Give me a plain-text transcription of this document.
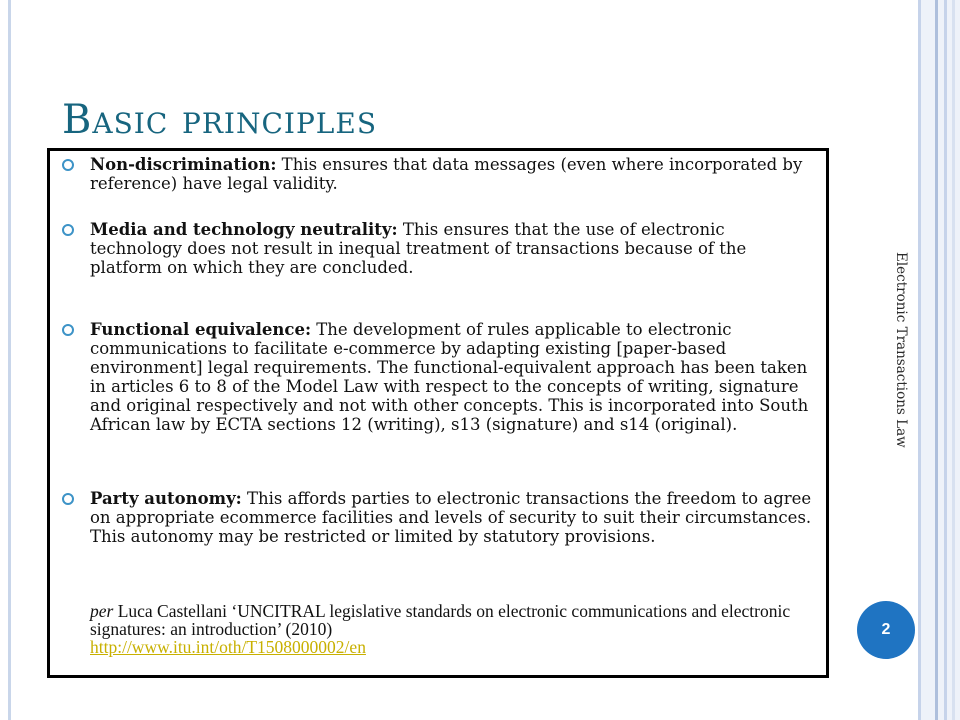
Basic principles
Non-discrimination: This ensures that data messages (even where incorporated by reference) have legal validity.
Media and technology neutrality: This ensures that the use of electronic technology does not result in inequal treatment of transactions because of the platform on which they are concluded.
Functional equivalence: The development of rules applicable to electronic communications to facilitate e-commerce by adapting existing [paper-based environment] legal requirements. The functional-equivalent approach has been taken in articles 6 to 8 of the Model Law with respect to the concepts of writing, signature and original respectively and not with other concepts. This is incorporated into South African law by ECTA sections 12 (writing), s13 (signature) and s14 (original).
Party autonomy: This affords parties to electronic transactions the freedom to agree on appropriate ecommerce facilities and levels of security to suit their circumstances. This autonomy may be restricted or limited by statutory provisions.
per Luca Castellani ‘UNCITRAL legislative standards on electronic communications and electronic signatures: an introduction’ (2010)
http://www.itu.int/oth/T1508000002/en
Electronic Transactions Law
2
